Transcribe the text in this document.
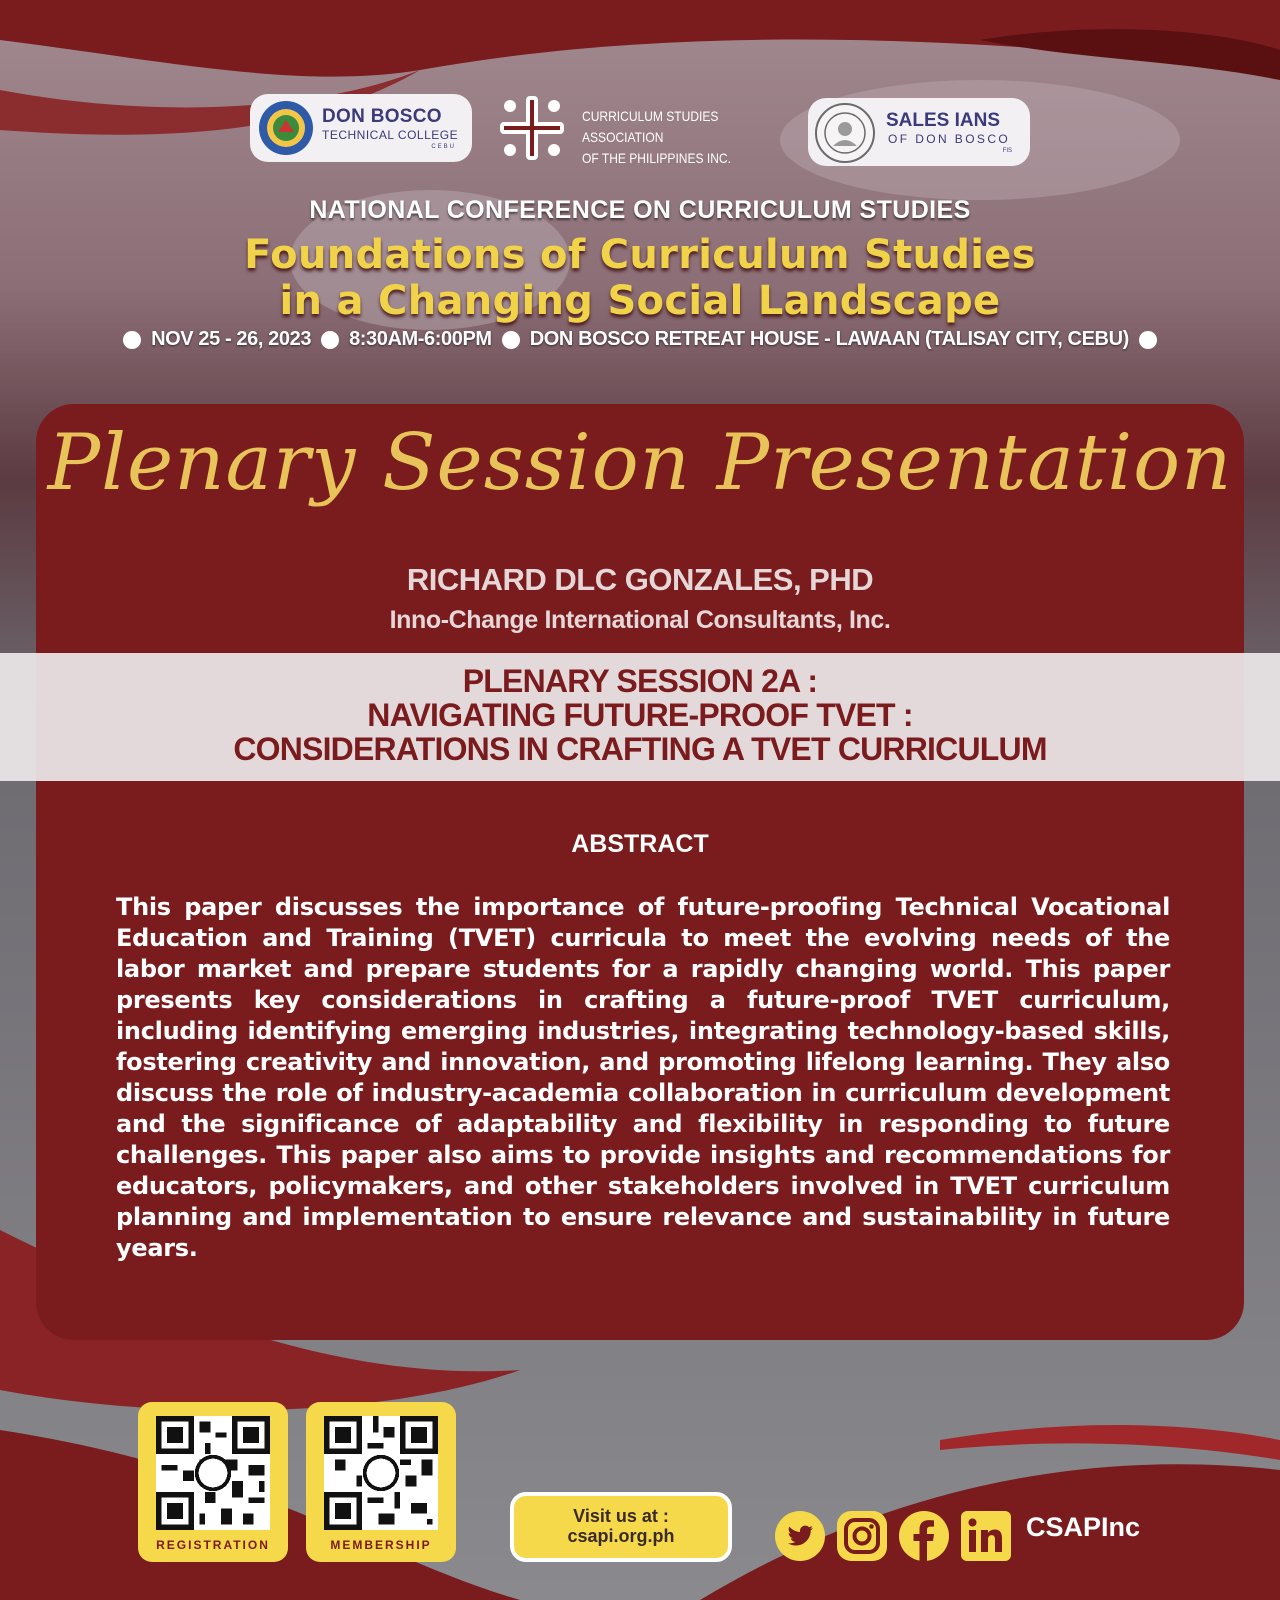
DON BOSCO
TECHNICAL COLLEGE
CEBU
CURRICULUM STUDIES ASSOCIATION
OF THE PHILIPPINES INC.
SALES IANS
OF DON BOSCO
FIS
NATIONAL CONFERENCE ON CURRICULUM STUDIES
Foundations of Curriculum Studies
in a Changing Social Landscape
NOV 25 - 26, 2023 8:30AM-6:00PM DON BOSCO RETREAT HOUSE - LAWAAN (TALISAY CITY, CEBU)
Plenary Session Presentation
RICHARD DLC GONZALES, PHD
Inno-Change International Consultants, Inc.
PLENARY SESSION 2A :
NAVIGATING FUTURE-PROOF TVET :
CONSIDERATIONS IN CRAFTING A TVET CURRICULUM
ABSTRACT
This paper discusses the importance of future-proofing Technical Vocational Education and Training (TVET) curricula to meet the evolving needs of the labor market and prepare students for a rapidly changing world. This paper presents key considerations in crafting a future-proof TVET curriculum, including identifying emerging industries, integrating technology-based skills, fostering creativity and innovation, and promoting lifelong learning. They also discuss the role of industry-academia collaboration in curriculum development and the significance of adaptability and flexibility in responding to future challenges. This paper also aims to provide insights and recommendations for educators, policymakers, and other stakeholders involved in TVET curriculum planning and implementation to ensure relevance and sustainability in future years.
REGISTRATION	MEMBERSHIP
Visit us at :
csapi.org.ph	CSAPInc
